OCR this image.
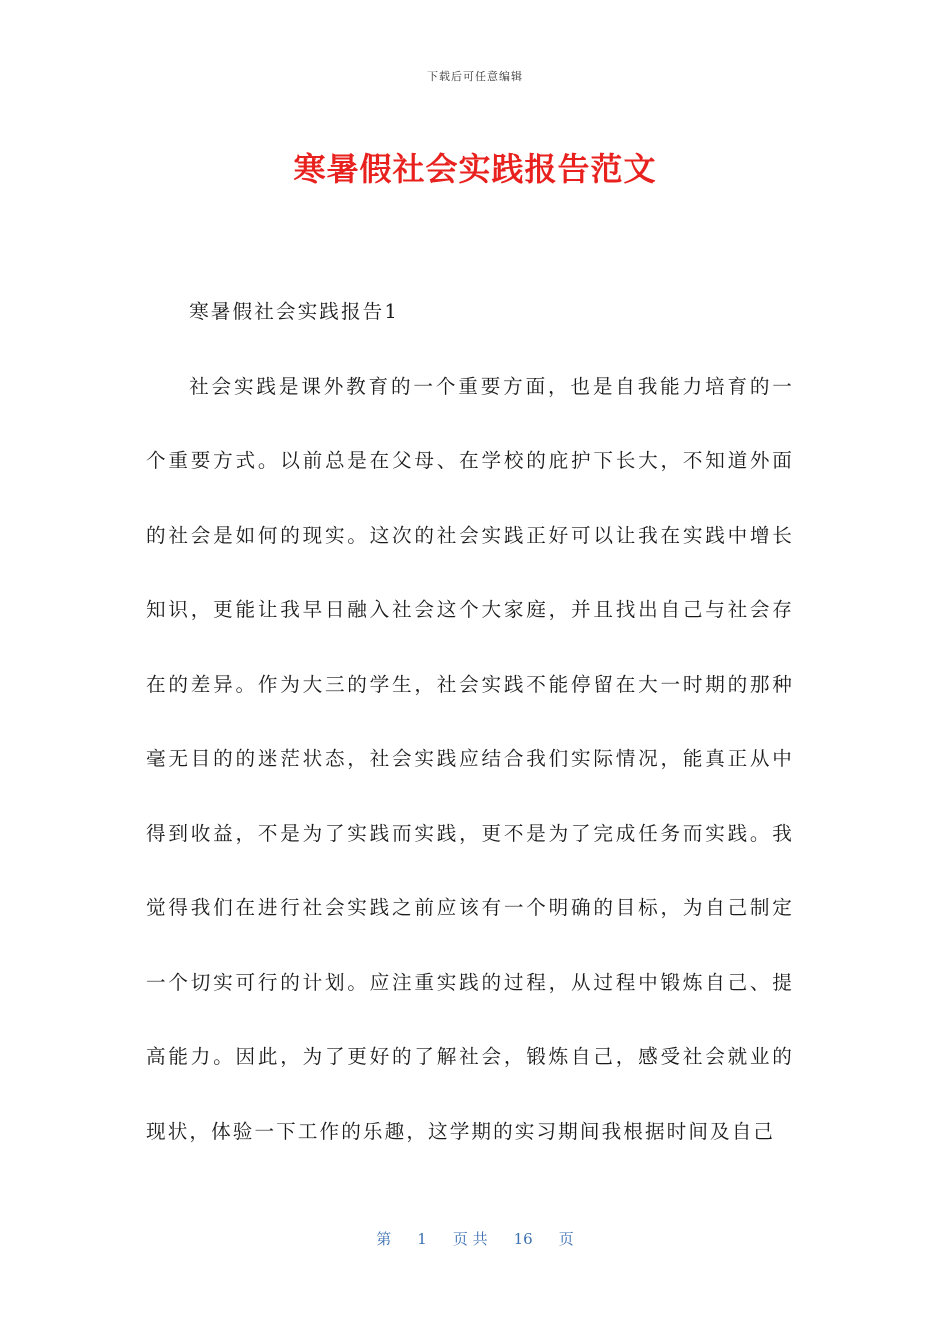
下载后可任意编辑
寒暑假社会实践报告范文

寒暑假社会实践报告1

社会实践是课外教育的一个重要方面，也是自我能力培育的一个重要方式。以前总是在父母、在学校的庇护下长大，不知道外面的社会是如何的现实。这次的社会实践正好可以让我在实践中增长知识，更能让我早日融入社会这个大家庭，并且找出自己与社会存在的差异。作为大三的学生，社会实践不能停留在大一时期的那种毫无目的的迷茫状态，社会实践应结合我们实际情况，能真正从中得到收益，不是为了实践而实践，更不是为了完成任务而实践。我觉得我们在进行社会实践之前应该有一个明确的目标，为自己制定一个切实可行的计划。应注重实践的过程，从过程中锻炼自己、提高能力。因此，为了更好的了解社会，锻炼自己，感受社会就业的现状，体验一下工作的乐趣，这学期的实习期间我根据时间及自己

第 1 页 共 16 页
